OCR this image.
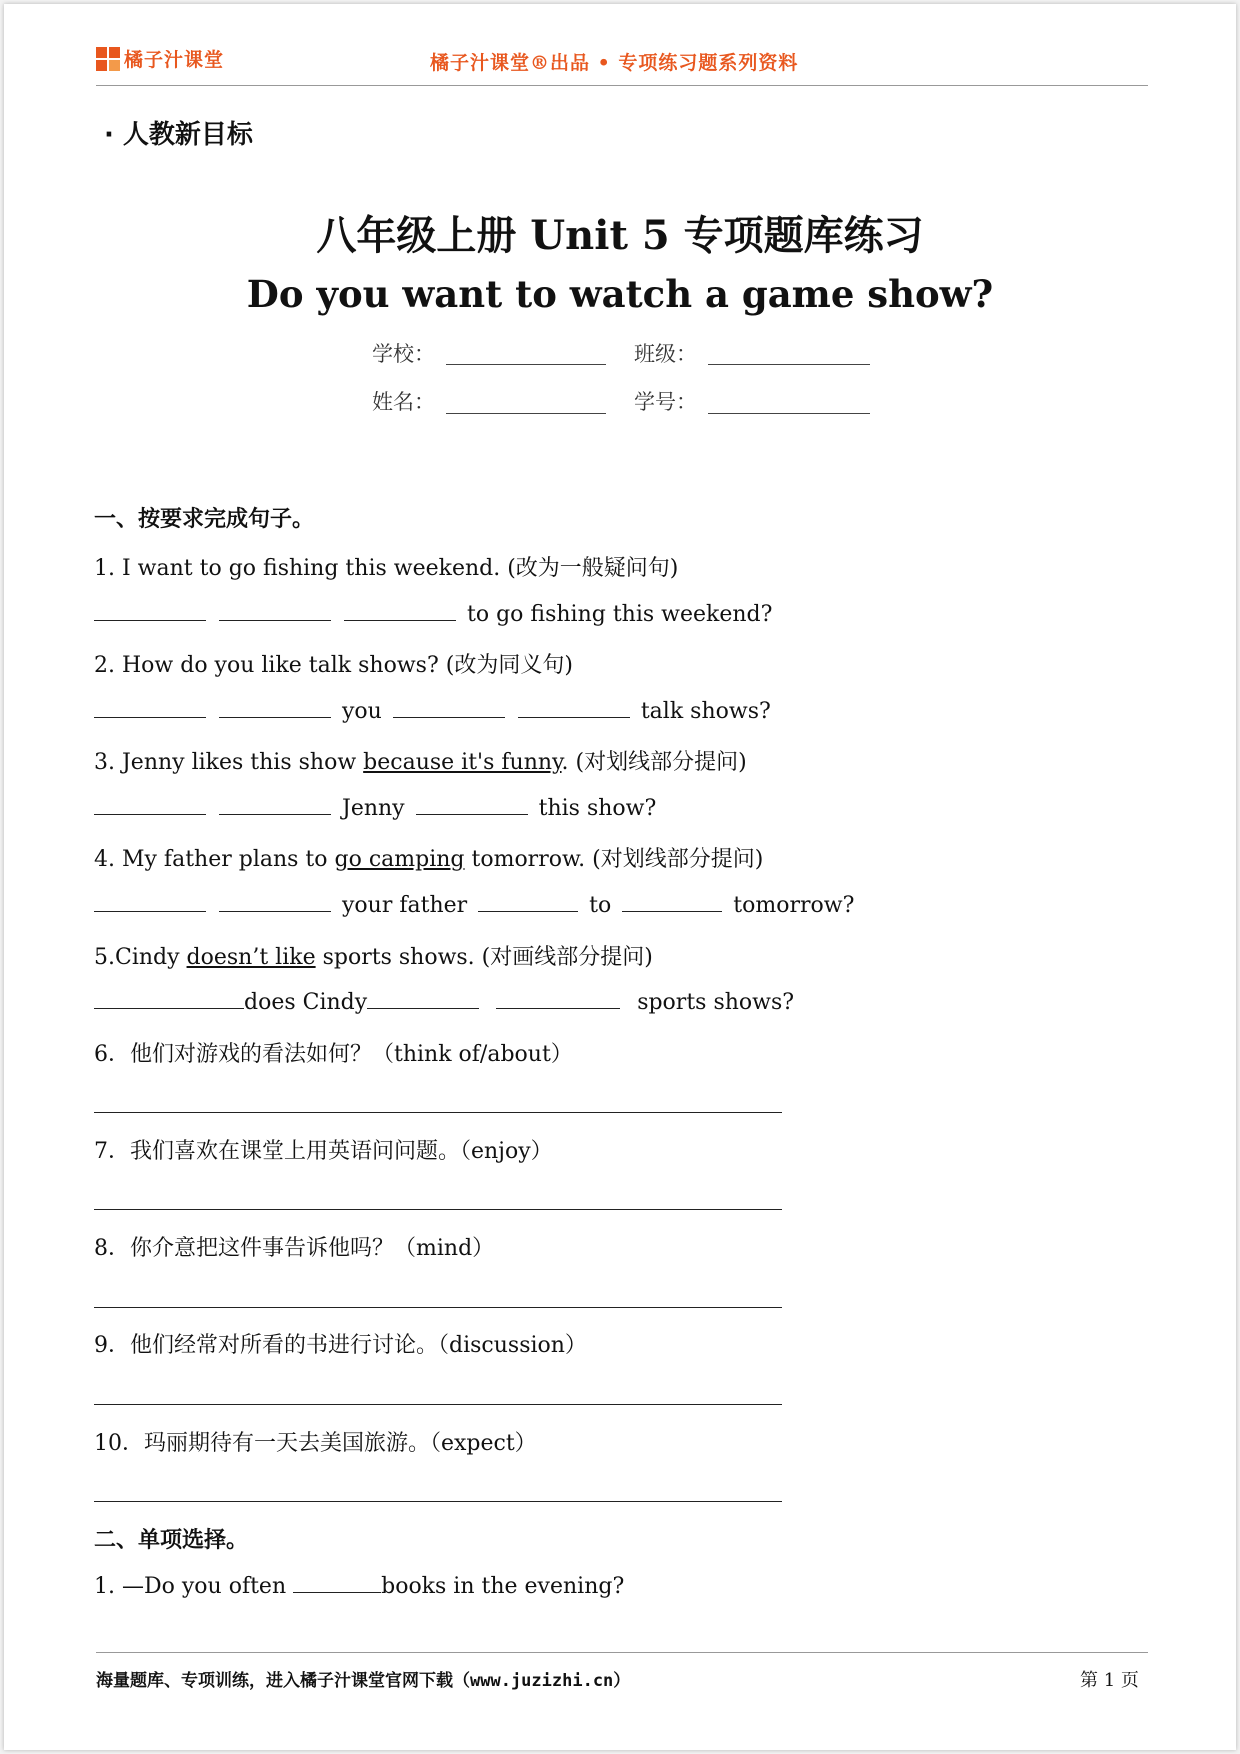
橘子汁课堂	橘子汁课堂®出品 • 专项练习题系列资料
· 人教新目标
八年级上册 Unit 5 专项题库练习
Do you want to watch a game show?
学校：	班级：
姓名：	学号：
一、按要求完成句子。
1. I want to go fishing this weekend. (改为一般疑问句)
to go fishing this weekend?
2. How do you like talk shows? (改为同义句)
you	talk shows?
3. Jenny likes this show because it's funny. (对划线部分提问)
Jenny	this show?
4. My father plans to go camping tomorrow. (对划线部分提问)
your father	to	tomorrow?
5.Cindy doesn’t like sports shows. (对画线部分提问)
does Cindy	sports shows?
6．他们对游戏的看法如何？（think of/about）
7．我们喜欢在课堂上用英语问问题。（enjoy）
8．你介意把这件事告诉他吗？（mind）
9．他们经常对所看的书进行讨论。（discussion）
10．玛丽期待有一天去美国旅游。（expect）
二、单项选择。
1. —Do you often	books in the evening?
海量题库、专项训练，进入橘子汁课堂官网下载（www.juzizhi.cn）	第 1 页
